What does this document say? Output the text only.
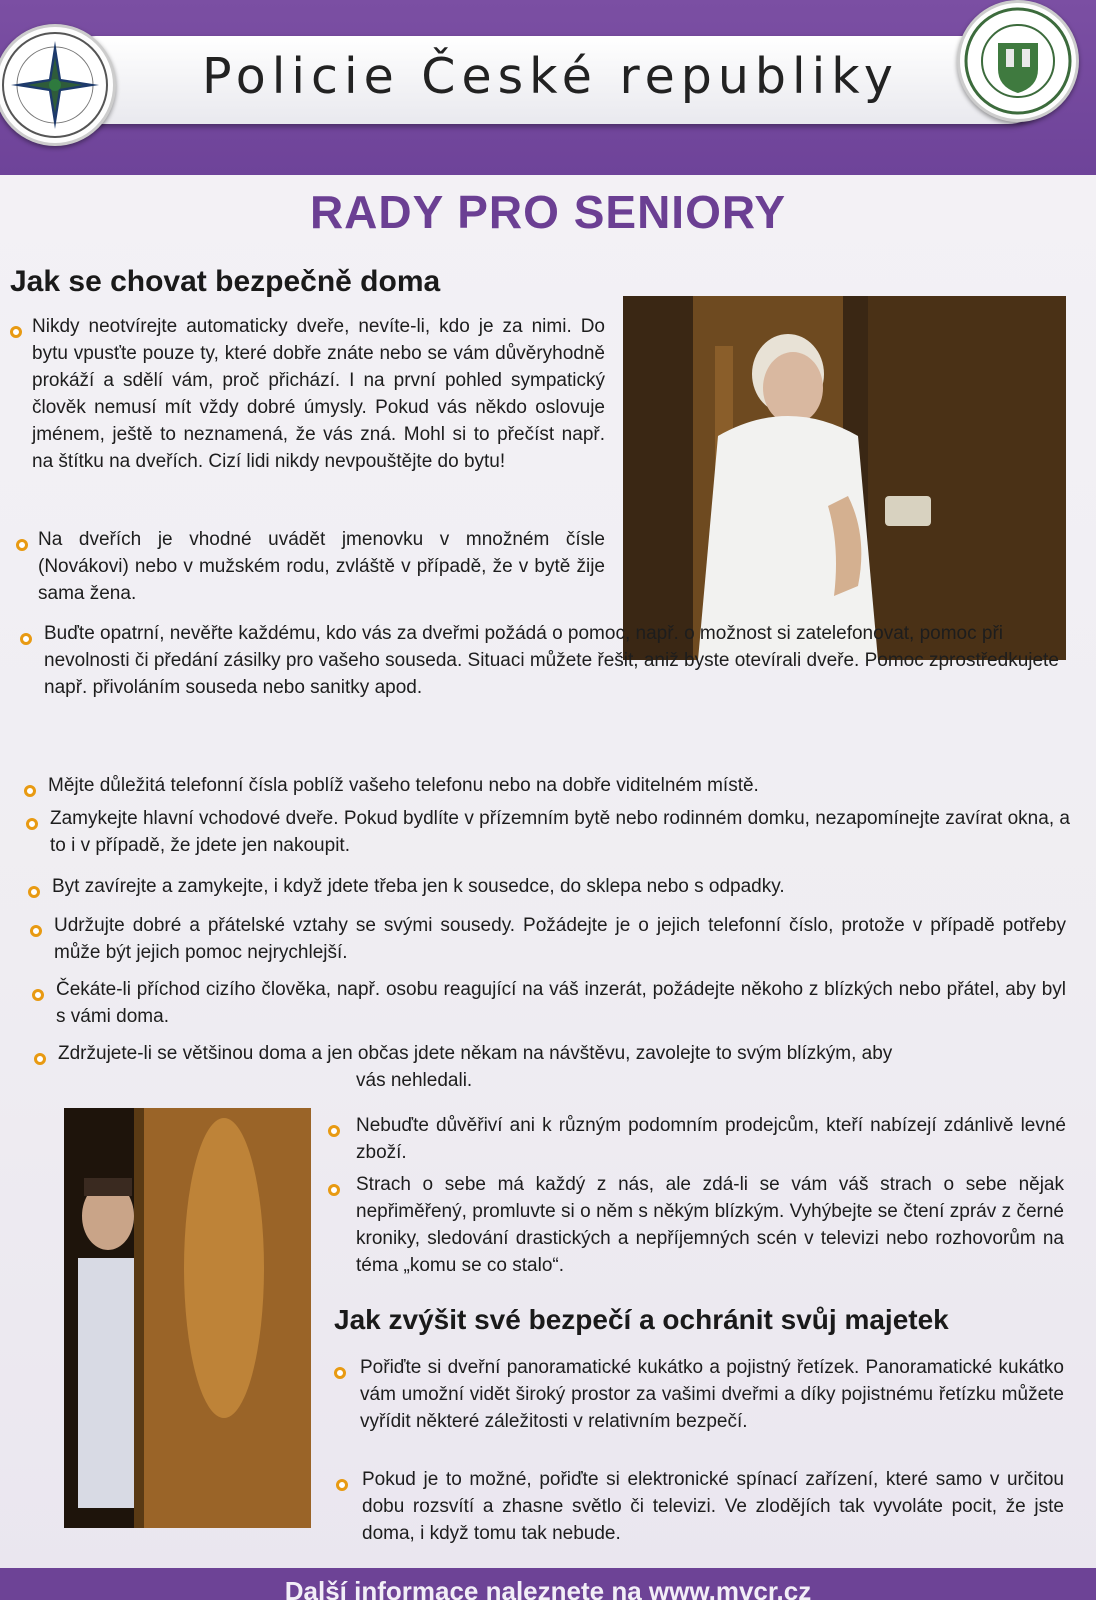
Policie České republiky
RADY PRO SENIORY
Jak se chovat bezpečně doma
Nikdy neotvírejte automaticky dveře, nevíte-li, kdo je za nimi. Do bytu vpusťte pouze ty, které dobře znáte nebo se vám důvěryhodně prokáží a sdělí vám, proč přichází. I na první pohled sympatický člověk nemusí mít vždy dobré úmysly. Pokud vás někdo oslovuje jménem, ještě to neznamená, že vás zná. Mohl si to přečíst např. na štítku na dveřích. Cizí lidi nikdy nevpouštějte do bytu!
Na dveřích je vhodné uvádět jmenovku v množném čísle (Novákovi) nebo v mužském rodu, zvláště v případě, že v bytě žije sama žena.
Buďte opatrní, nevěřte každému, kdo vás za dveřmi požádá o pomoc, např. o možnost si zatelefonovat, pomoc při nevolnosti či předání zásilky pro vašeho souseda. Situaci můžete řešit, aniž byste otevírali dveře. Pomoc zprostředkujete např. přivoláním souseda nebo sanitky apod.
Mějte důležitá telefonní čísla poblíž vašeho telefonu nebo na dobře viditelném místě.
Zamykejte hlavní vchodové dveře. Pokud bydlíte v přízemním bytě nebo rodinném domku, nezapomínejte zavírat okna, a to i v případě, že jdete jen nakoupit.
Byt zavírejte a zamykejte, i když jdete třeba jen k sousedce, do sklepa nebo s odpadky.
Udržujte dobré a přátelské vztahy se svými sousedy. Požádejte je o jejich telefonní číslo, protože v případě potřeby může být jejich pomoc nejrychlejší.
Čekáte-li příchod cizího člověka, např. osobu reagující na váš inzerát, požádejte někoho z blízkých nebo přátel, aby byl s vámi doma.
Zdržujete-li se většinou doma a jen občas jdete někam na návštěvu, zavolejte to svým blízkým, aby
vás nehledali.
Nebuďte důvěřiví ani k různým podomním prodejcům, kteří nabízejí zdánlivě levné zboží.
Strach o sebe má každý z nás, ale zdá-li se vám váš strach o sebe nějak nepřiměřený, promluvte si o něm s někým blízkým. Vyhýbejte se čtení zpráv z černé kroniky, sledování drastických a nepříjemných scén v televizi nebo rozhovorům na téma „komu se co stalo“.
Jak zvýšit své bezpečí a ochránit svůj majetek
Pořiďte si dveřní panoramatické kukátko a pojistný řetízek. Panoramatické kukátko vám umožní vidět široký prostor za vašimi dveřmi a díky pojistnému řetízku můžete vyřídit některé záležitosti v relativním bezpečí.
Pokud je to možné, pořiďte si elektronické spínací zařízení, které samo v určitou dobu rozsvítí a zhasne světlo či televizi. Ve zlodějích tak vyvoláte pocit, že jste doma, i když tomu tak nebude.
Další informace naleznete na www.mvcr.cz
